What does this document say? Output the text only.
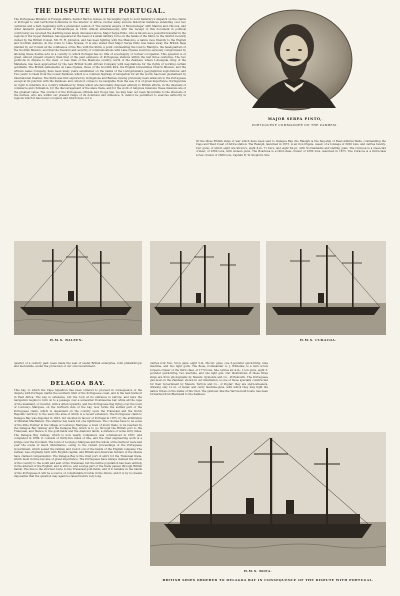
THE DISPUTE WITH PORTUGAL.
The Portuguese Minister of Foreign Affairs, Senhor Barros Gomes, in his lengthy reply to Lord Salisbury's dispatch on the claims of Portugal to vast territorial dominions in the interior of Africa, recites many sincere historical instances extending over two centuries and a half, beginning with a pretended cession of "the natural empire of Monomotapa" with Manica and Chicova, and other fantastic pretensions of Mozambique in 1629. Almost simultaneously with the receipt of this document in political controversy we received the startling news lately discussed above. Major Serpa Pinto, who is known as a powerful traveller in the regions of the Upper Zambesi, has appeared at the head of a small military force on the banks of the Shiré, in the district recently visited by the British Consul, Mr. H. H. Johnston, and has been fighting with the Makololo, a native race friendly to the English and Scottish stations on the route to Lake Nyassa. It is also stated that Major Serpa Pinto has taken away the British flags planted by our Consul at the confluence of the Ruo with the Shiré, a point commanding the road to Blantyre, the headquarters of the Scottish Mission, and that the freedom and security of communications with Lake Nyassa would be seriously compromised by allowing these hostile acts in a country to which Portugal has no title of sovereignty or former occupation. This question is of great, almost present urgency than that of the past existence of Portuguese stations within the last three centuries. The two positions in dispute to the west, or less than of the Mashona country, north of the Zambesi, where Lobengula, King of the Matabele, has been approached by the new British South African Company with negotiations for the rights of working certain goldfields. The British settlements on Lake Nyassa, those of the Scottish Kirk, the English Universities Church Mission, and the African Lakes Company, have been many years established on the banks of the Livingstonian's geographical explorations; and Two years' to them from the Lower Zambesi, which is a common highway of navigation for all the world, has been guaranteed by international treaties. The Shiré was first explored by Livingstone and Barnes, having previously been unknown to the Portuguese except at its junction with the Zambesi; and, where it comes to be navigable from the sea, it is of great importance. Portugal has no right to interfere in a country inhabited by tribes which are favourably disposed entirely to British efforts, in the interests of commerce and civilisation, for the discouragement of the slave trade, and for the work of religious missions; these missions are of the greatest value. The conduct of the Portuguese officials and troops has, we may fear, not been favourable to the interests of the natives, who are within our present range of its dominion and influence. It cannot be permitted to exercise authority in regions which it has never occupied, and which have, for a
MAJOR SERPA PINTO,
PORTUGUESE COMMANDER ON THE ZAMBESI.
Of the three British ships of war which have been sent to Delagoa Bay, the Raleigh is the flag-ship of Rear-Admiral Wells, commanding the Cape and West Coast of Africa station. The Raleigh, launched in 1873, is an iron frigate, cased, of a tonnage of 3200 tons, and carries twenty-four guns, of which eight are 90-ton's, eight 6-in. 71-ton's, and eight 64-pr., with Nordenfeldts and Gatling guns. The Curacoa is a steel-clad cruiser, of 2380 tons, with sixteen guns. The Boadicea is a third-class cruiser of 2380 tons, launched in 1875. The Curacoa is a third-class screw cruiser of 2380 tons, Captain R. W. Stopford. She
H.M.S. BALEEN.	H.M.S. CURACOA.
quarter of a century past, been made the seat of useful British enterprise, both philanthropic and mercantile, under the protection of our own Government.
DELAGOA BAY.
This bay, to which the Cape Squadron has been ordered to proceed in consequence of the dispute with Portugal, marks the southern limit of the Portuguese coast, and is the best harbour in East Africa. The bay is extensive, but the rock at its entrance is narrow, and here the navigation begins to turn on to a passage over a somewhat troublesome bar, while all the cape of the mainland, or mouths, with a silted upwards, and the Portuguese flag flying over the town of Lourenço Marques, on the northern side of the bay, now forms the settled part of the Portuguese claim, which is dependent on the country upon the Transvaal and the Dutch Republic territory to the west, the area of which is a recent extension. The Portuguese claim to Delagoa Bay was disputed in 1823, but decided in favour of Portugal in 1875, by the arbitration of Marshal MacMahon. The shallow bay leads but one lighthouse. The colonies have to be some of the little frontier in the village of Lourenço Marques, a town of much trade, to be reached by the Delagoa Bay railway and the Delagoa Bay, which is to go through the British port to the Transvaal, and thence to the gold-fields and the diamond lands, a distance of some sixty miles. The Delagoa Bay railway, which is now nearly completed, was commenced in 1887, and completed in 1889. It consists of thirty-five miles of line, and the chief engineering work is a bridge over the Incomati. The town of Lourenço Marques and the whole of the harbour were last year the scene of much disturbance, owing to the violent proceedings of the Portuguese Government, which seized the railway and took it out of the hands of the English company. The railway was originally built with English capital, and British and American holders of the shares have claimed compensation. The Delagoa Bay is the chief port of entry for the Transvaal trade, which must in time become of great importance. The Portuguese have always claimed the whole of the country to the south and east of the Transvaal, but the native population has been entirely in the interest of the English, and is still so, and a large part of the trade passes through British hands. The line is the shortest route to the Transvaal gold-fields, and if it remains in the hands of the Portuguese it will be a source of considerable trouble in the future, and it is by no means impossible that the question may again be raised before very long.
carries four 6-in. 5-ton guns, eight 5-in. 38-cwt. guns, one 3-pounder quick-firing, nine machine, and two light guns. The Boea, Commander A. J. Whitelaw, is a twin screw torpedo-cruiser of the third class, of 1770 tons. She carries six 4-in., 1-ton guns, eight 3-pounder quick-firing, two machine, and one light gun. Our illustrations of these three ships are from photographs by Messrs. Symonds and Co., Portsmouth. The Portuguese gun-boat on the Zambesi, shown in our illustration, is one of those specially constructed for their Government by Messrs. Yarrow and Co., of Poplar: they are stern-wheelers, drawing only 12 in. of water, and carry machine-guns, with which they may fight the native tribes on the banks of the river. The gunboat, like the Yarrow-built boats, has been forwarded from Blackwall to the Zambesi.
H.M.S. BOEA.
BRITISH SHIPS ORDERED TO DELAGOA BAY IN CONSEQUENCE OF THE DISPUTE WITH PORTUGAL.
